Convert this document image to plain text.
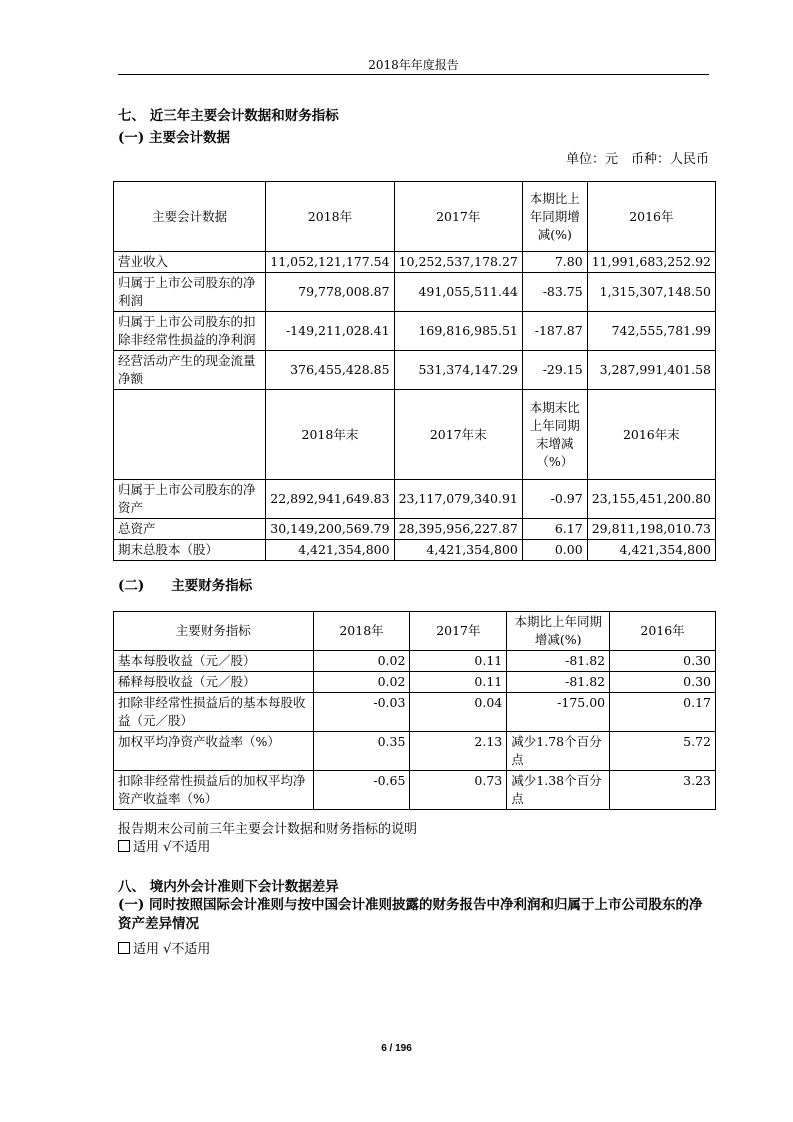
2018年年度报告
七、 近三年主要会计数据和财务指标
(一) 主要会计数据
单位：元　币种：人民币
主要会计数据	2018年	2017年	本期比上年同期增减(%)	2016年
营业收入	11,052,121,177.54	10,252,537,178.27	7.80	11,991,683,252.92
归属于上市公司股东的净利润	79,778,008.87	491,055,511.44	-83.75	1,315,307,148.50
归属于上市公司股东的扣除非经常性损益的净利润	-149,211,028.41	169,816,985.51	-187.87	742,555,781.99
经营活动产生的现金流量净额	376,455,428.85	531,374,147.29	-29.15	3,287,991,401.58
	2018年末	2017年末	本期末比上年同期末增减（%）	2016年末
归属于上市公司股东的净资产	22,892,941,649.83	23,117,079,340.91	-0.97	23,155,451,200.80
总资产	30,149,200,569.79	28,395,956,227.87	6.17	29,811,198,010.73
期末总股本（股）	4,421,354,800	4,421,354,800	0.00	4,421,354,800
(二)　　主要财务指标
主要财务指标	2018年	2017年	本期比上年同期增减(%)	2016年
基本每股收益（元／股）	0.02	0.11	-81.82	0.30
稀释每股收益（元／股）	0.02	0.11	-81.82	0.30
扣除非经常性损益后的基本每股收益（元／股）	-0.03	0.04	-175.00	0.17
加权平均净资产收益率（%）	0.35	2.13	减少1.78个百分点	5.72
扣除非经常性损益后的加权平均净资产收益率（%）	-0.65	0.73	减少1.38个百分点	3.23
报告期末公司前三年主要会计数据和财务指标的说明
适用 √不适用
八、 境内外会计准则下会计数据差异
(一) 同时按照国际会计准则与按中国会计准则披露的财务报告中净利润和归属于上市公司股东的净资产差异情况
适用 √不适用
6 / 196
